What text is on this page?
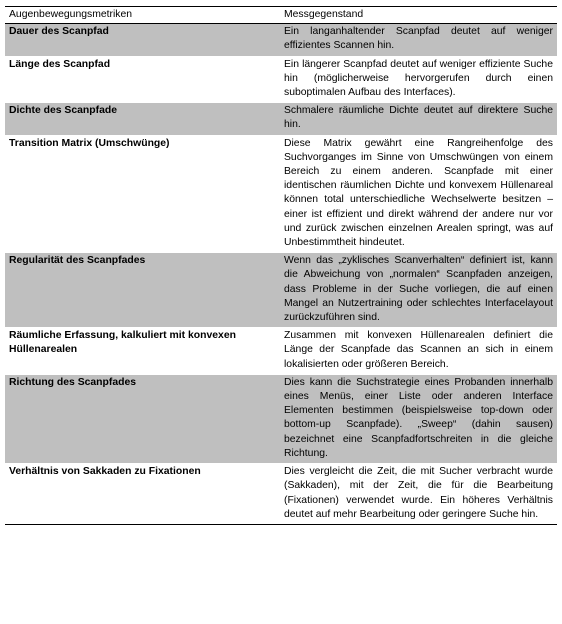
Augenbewegungsmetriken	Messgegenstand
Dauer des Scanpfad	Ein langanhaltender Scanpfad deutet auf weniger effizientes Scannen hin.
Länge des Scanpfad	Ein längerer Scanpfad deutet auf weniger effiziente Suche hin (möglicherweise hervorgerufen durch einen suboptimalen Aufbau des Interfaces).
Dichte des Scanpfade	Schmalere räumliche Dichte deutet auf direktere Suche hin.
Transition Matrix (Umschwünge)	Diese Matrix gewährt eine Rangreihenfolge des Suchvorganges im Sinne von Umschwüngen von einem Bereich zu einem anderen. Scanpfade mit einer identischen räumlichen Dichte und konvexem Hüllenareal können total unterschiedliche Wechselwerte besitzen – einer ist effizient und direkt während der andere nur vor und zurück zwischen einzelnen Arealen springt, was auf Unbestimmtheit hindeutet.
Regularität des Scanpfades	Wenn das „zyklisches Scanverhalten“ definiert ist, kann die Abweichung von „normalen“ Scanpfaden anzeigen, dass Probleme in der Suche vorliegen, die auf einen Mangel an Nutzertraining oder schlechtes Interfacelayout zurückzuführen sind.
Räumliche Erfassung, kalkuliert mit konvexen Hüllenarealen	Zusammen mit konvexen Hüllenarealen definiert die Länge der Scanpfade das Scannen an sich in einem lokalisierten oder größeren Bereich.
Richtung des Scanpfades	Dies kann die Suchstrategie eines Probanden innerhalb eines Menüs, einer Liste oder anderen Interface Elementen bestimmen (beispielsweise top-down oder bottom-up Scanpfade). „Sweep“ (dahin sausen) bezeichnet eine Scanpfadfortschreiten in die gleiche Richtung.
Verhältnis von Sakkaden zu Fixationen	Dies vergleicht die Zeit, die mit Sucher verbracht wurde (Sakkaden), mit der Zeit, die für die Bearbeitung (Fixationen) verwendet wurde. Ein höheres Verhältnis deutet auf mehr Bearbeitung oder geringere Suche hin.
